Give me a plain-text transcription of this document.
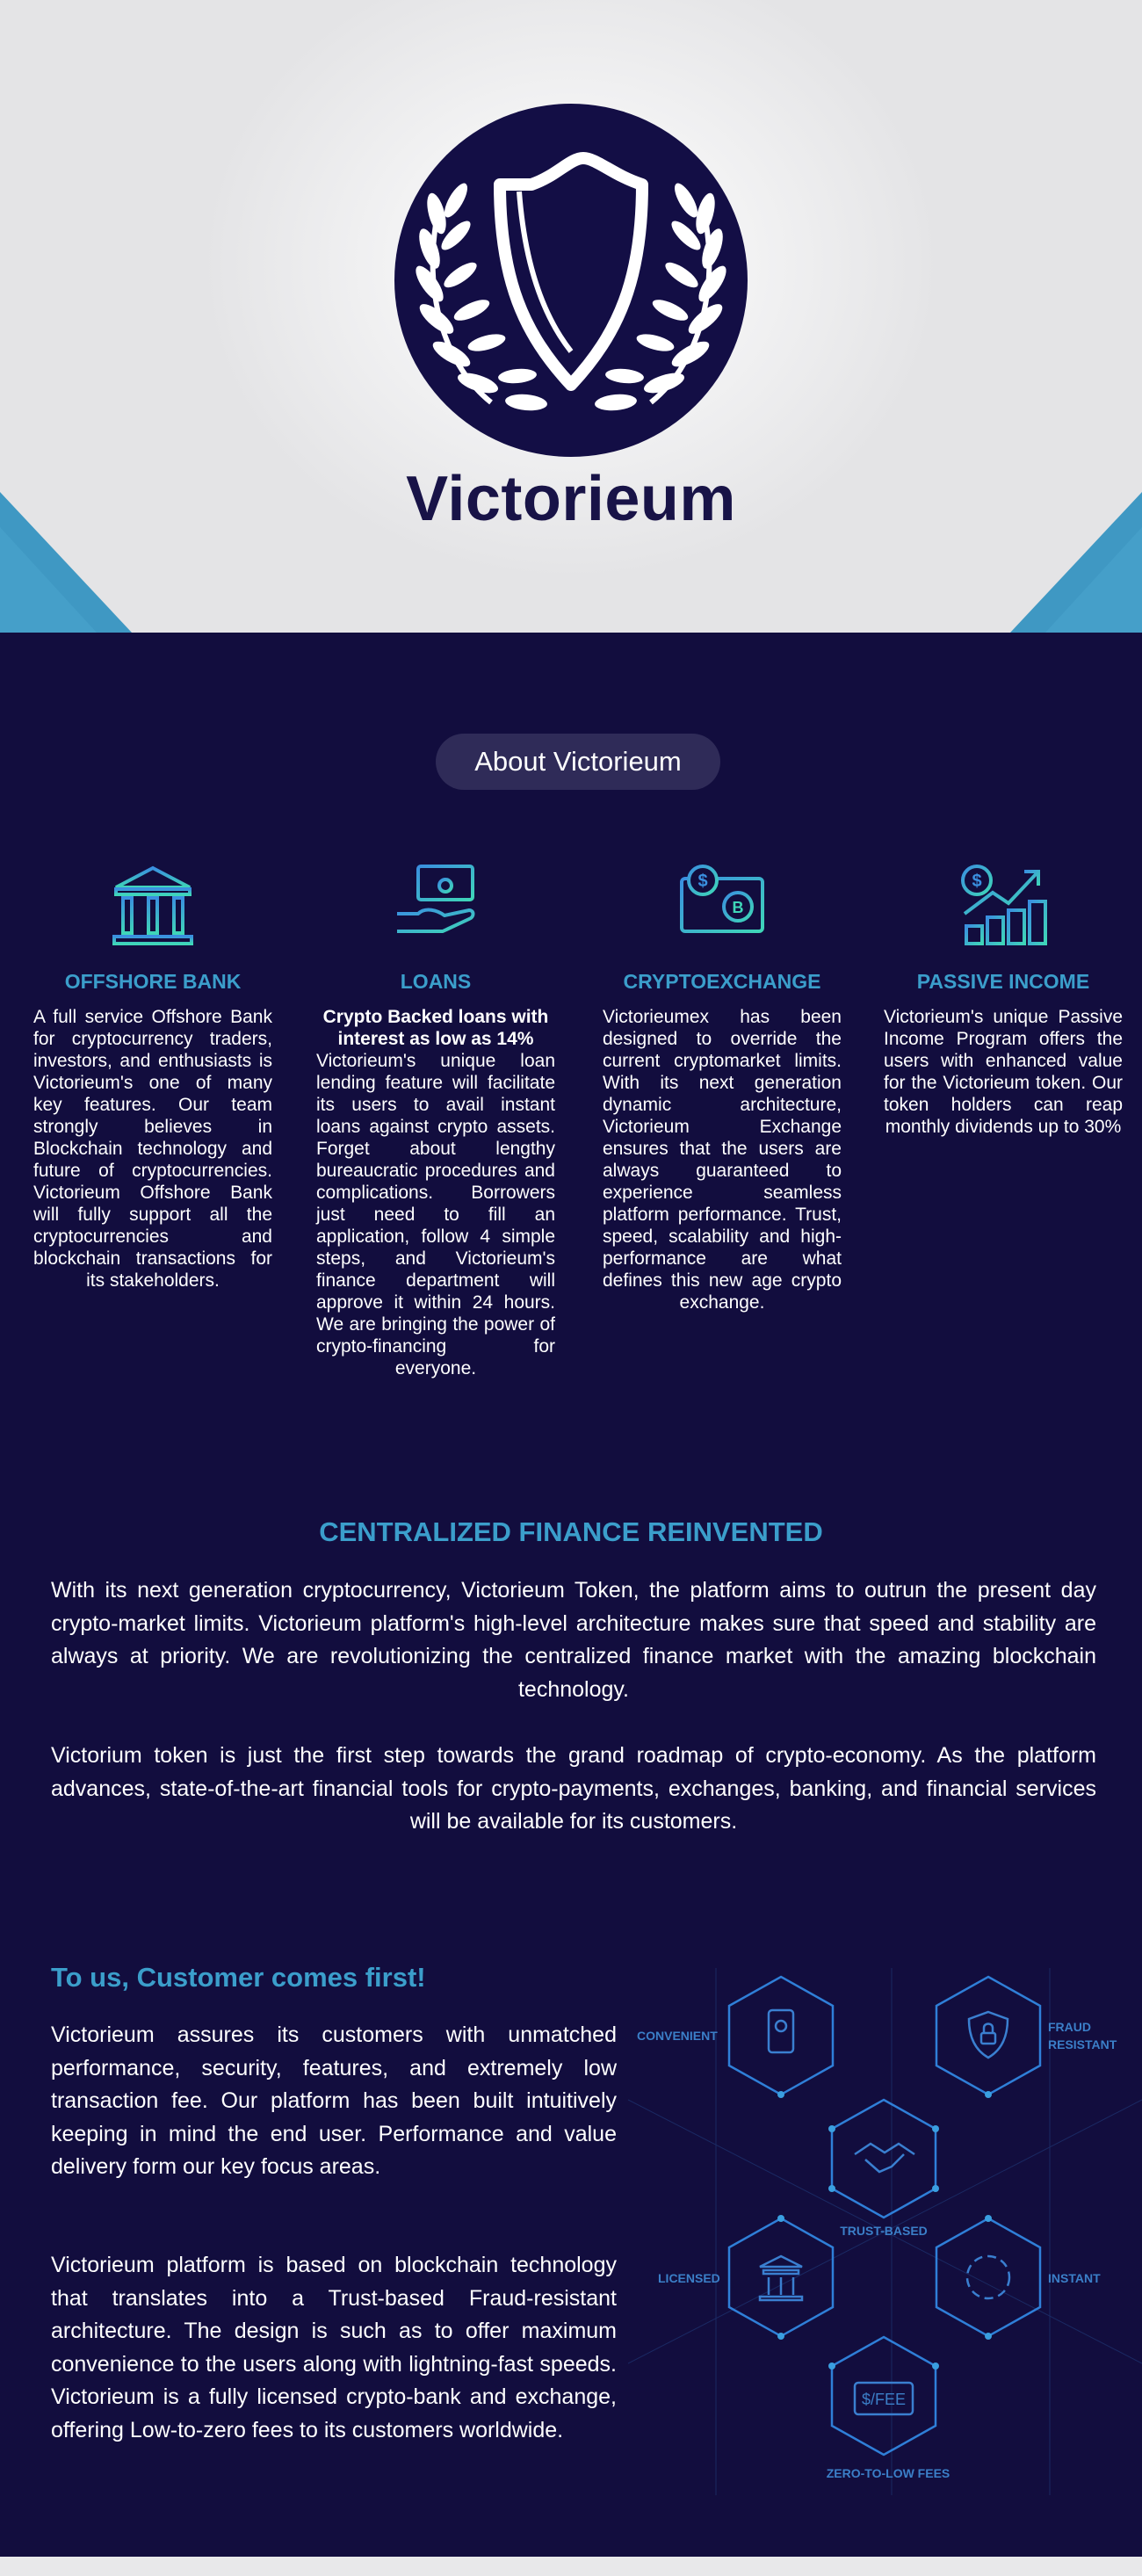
Victorieum
About Victorieum
OFFSHORE BANK
A full service Offshore Bank for cryptocurrency traders, investors, and enthusiasts is Victorieum's one of many key features. Our team strongly believes in Blockchain technology and future of cryptocurrencies. Victorieum Offshore Bank will fully support all the cryptocurrencies and blockchain transactions for its stakeholders.
LOANS
Crypto Backed loans with interest as low as 14%
Victorieum's unique loan lending feature will facilitate its users to avail instant loans against crypto assets. Forget about lengthy bureaucratic procedures and complications. Borrowers just need to fill an application, follow 4 simple steps, and Victorieum's finance department will approve it within 24 hours. We are bringing the power of crypto-financing for everyone.
$
B
CRYPTOEXCHANGE
Victorieumex has been designed to override the current cryptomarket limits. With its next generation dynamic architecture, Victorieum Exchange ensures that the users are always guaranteed to experience seamless platform performance. Trust, speed, scalability and high-performance are what defines this new age crypto exchange.
$
PASSIVE INCOME
Victorieum's unique Passive Income Program offers the users with enhanced value for the Victorieum token. Our token holders can reap monthly dividends up to 30%
CENTRALIZED FINANCE REINVENTED
With its next generation cryptocurrency, Victorieum Token, the platform aims to outrun the present day crypto-market limits. Victorieum platform's high-level architecture makes sure that speed and stability are always at priority. We are revolutionizing the centralized finance market with the amazing blockchain technology.
Victorium token is just the first step towards the grand roadmap of crypto-economy. As the platform advances, state-of-the-art financial tools for crypto-payments, exchanges, banking, and financial services will be available for its customers.
To us, Customer comes first!
Victorieum assures its customers with unmatched performance, security, features, and extremely low transaction fee. Our platform has been built intuitively keeping in mind the end user. Performance and value delivery form our key focus areas.
Victorieum platform is based on blockchain technology that translates into a Trust-based Fraud-resistant architecture. The design is such as to offer maximum convenience to the users along with lightning-fast speeds. Victorieum is a fully licensed crypto-bank and exchange, offering Low-to-zero fees to its customers worldwide.
CONVENIENT
FRAUD
RESISTANT
TRUST-BASED
LICENSED	INSTANT
ZERO-TO-LOW FEES
$/FEE
